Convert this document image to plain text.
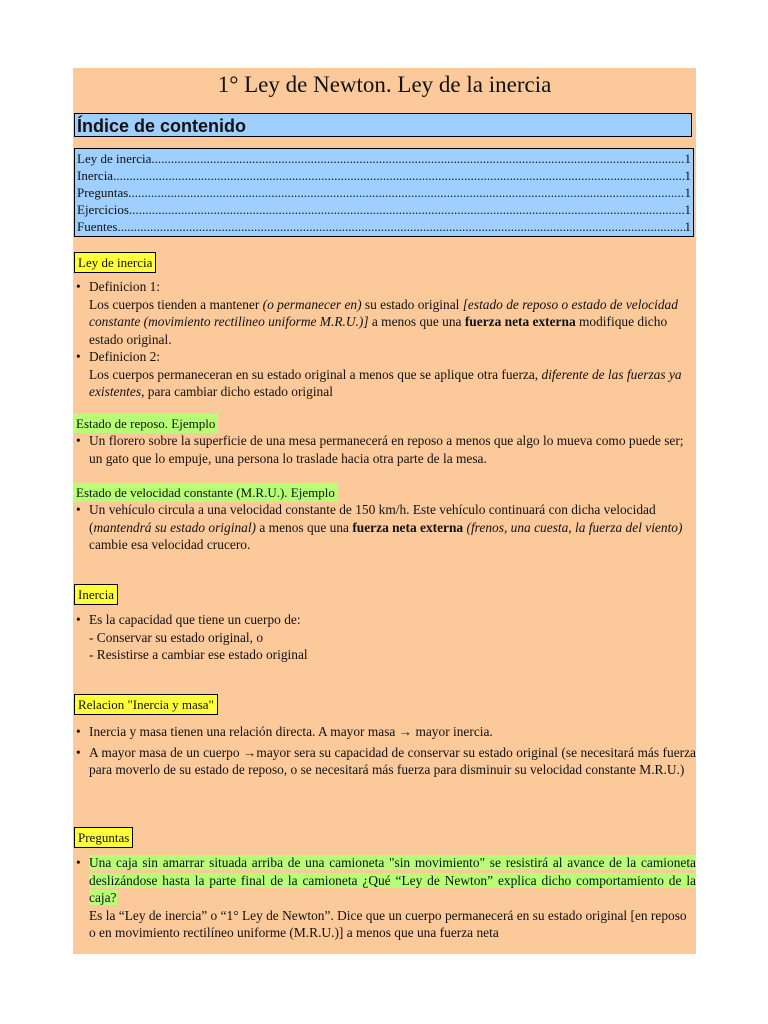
1° Ley de Newton. Ley de la inercia
Índice de contenido
Ley de inercia .....	1
Inercia .....	1
Preguntas .....	1
Ejercicios .....	1
Fuentes .....	1
Ley de inercia
• Definicion 1:
Los cuerpos tienden a mantener (o permanecer en) su estado original [estado de reposo o estado de velocidad constante (movimiento rectilineo uniforme M.R.U.)] a menos que una fuerza neta externa modifique dicho estado original.
• Definicion 2:
Los cuerpos permaneceran en su estado original a menos que se aplique otra fuerza, diferente de las fuerzas ya existentes, para cambiar dicho estado original
Estado de reposo. Ejemplo
• Un florero sobre la superficie de una mesa permanecerá en reposo a menos que algo lo mueva como puede ser; un gato que lo empuje, una persona lo traslade hacia otra parte de la mesa.
Estado de velocidad constante (M.R.U.). Ejemplo
• Un vehículo circula a una velocidad constante de 150 km/h. Este vehículo continuará con dicha velocidad (mantendrá su estado original) a menos que una fuerza neta externa (frenos, una cuesta, la fuerza del viento) cambie esa velocidad crucero.
Inercia
• Es la capacidad que tiene un cuerpo de:
- Conservar su estado original, o
- Resistirse a cambiar ese estado original
Relacion "Inercia y masa"
• Inercia y masa tienen una relación directa. A mayor masa → mayor inercia.
• A mayor masa de un cuerpo →mayor sera su capacidad de conservar su estado original (se necesitará más fuerza para moverlo de su estado de reposo, o se necesitará más fuerza para disminuir su velocidad constante M.R.U.)
Preguntas
• Una caja sin amarrar situada arriba de una camioneta "sin movimiento" se resistirá al avance de la camioneta deslizándose hasta la parte final de la camioneta ¿Qué “Ley de Newton” explica dicho comportamiento de la caja?
Es la “Ley de inercia” o “1° Ley de Newton”. Dice que un cuerpo permanecerá en su estado original [en reposo o en movimiento rectilíneo uniforme (M.R.U.)] a menos que una fuerza neta
